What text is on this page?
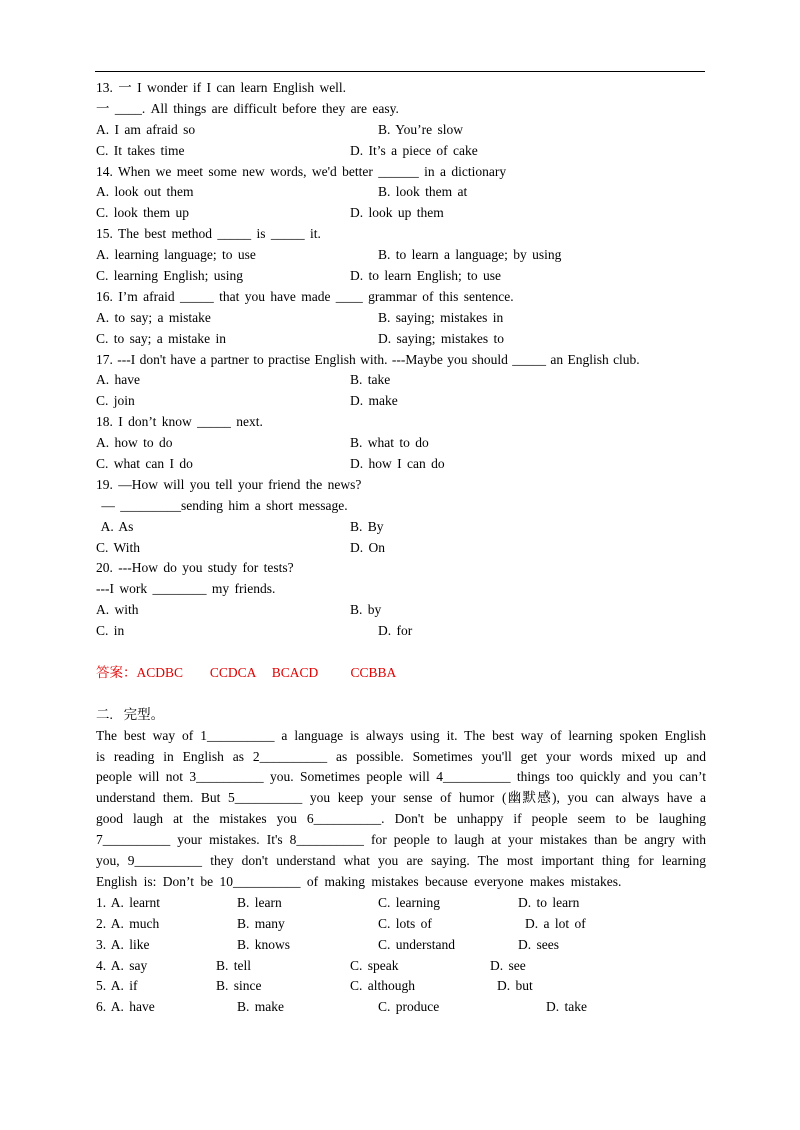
13. 一 I wonder if I can learn English well.
一 ____. All things are difficult before they are easy.
A. I am afraid so	B. You’re slow
C. It takes time	D. It’s a piece of cake
14. When we meet some new words, we'd better ______ in a dictionary
A. look out them	B. look them at
C. look them up	D. look up them
15. The best method _____ is _____ it.
A. learning language; to use	B. to learn a language; by using
C. learning English; using	D. to learn English; to use
16. I’m afraid _____ that you have made ____ grammar of this sentence.
A. to say; a mistake	B. saying; mistakes in
C. to say; a mistake in	D. saying; mistakes to
17. ---I don't have a partner to practise English with. ---Maybe you should _____ an English club.
A. have	B. take
C. join	D. make
18. I don’t know _____ next.
A. how to do	B. what to do
C. what can I do	D. how I can do
19. —How will you tell your friend the news?
— _________sending him a short message.
A. As	B. By
C. With	D. On
20. ---How do you study for tests?
---I work ________ my friends.
A. with	B. by
C. in	D. for
答案：ACDBC     CCDCA   BCACD      CCBBA
二.  完型。
The best way of 1__________ a language is always using it. The best way of learning spoken English is reading in English as 2__________ as possible. Sometimes you'll get your words mixed up and people will not 3__________ you. Sometimes people will 4__________ things too quickly and you can’t understand them. But 5__________ you keep your sense of humor (幽默感), you can always have a good laugh at the mistakes you 6__________. Don't be unhappy if people seem to be laughing 7__________ your mistakes. It's 8__________ for people to laugh at your mistakes than be angry with you, 9__________ they don't understand what you are saying. The most important thing for learning English is: Don’t be 10__________ of making mistakes because everyone makes mistakes.
1. A. learnt	B. learn	C. learning	D. to learn
2. A. much	B. many	C. lots of	D. a lot of
3. A. like	B. knows	C. understand	D. sees
4. A. say	B. tell	C. speak	D. see
5. A. if	B. since	C. although	D. but
6. A. have	B. make	C. produce	D. take
